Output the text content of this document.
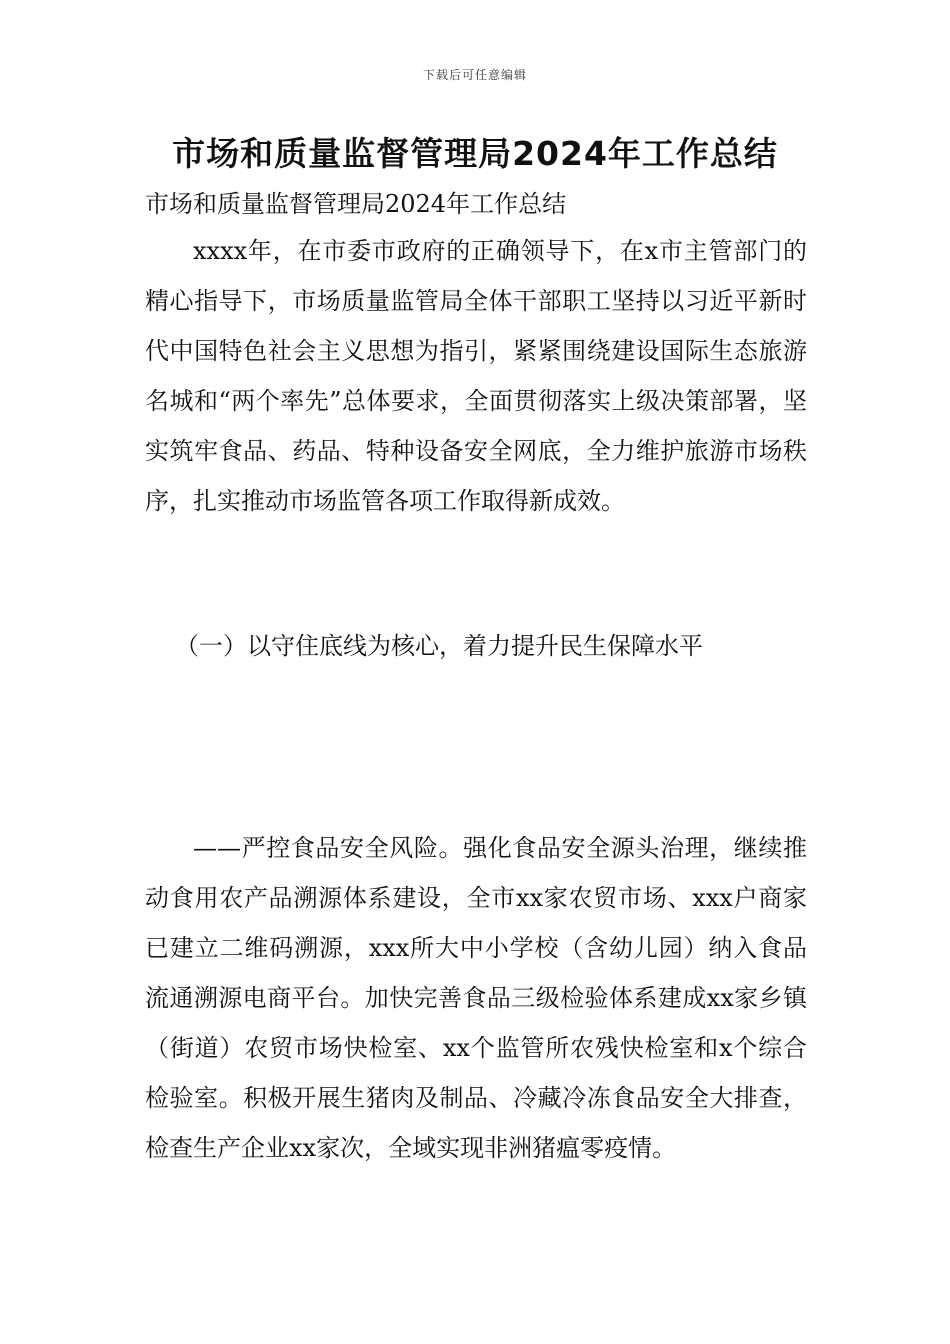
下载后可任意编辑
市场和质量监督管理局2024年工作总结
市场和质量监督管理局2024年工作总结

xxxx年，在市委市政府的正确领导下，在x市主管部门的精心指导下，市场质量监管局全体干部职工坚持以习近平新时代中国特色社会主义思想为指引，紧紧围绕建设国际生态旅游名城和“两个率先”总体要求，全面贯彻落实上级决策部署，坚实筑牢食品、药品、特种设备安全网底，全力维护旅游市场秩序，扎实推动市场监管各项工作取得新成效。

（一）以守住底线为核心，着力提升民生保障水平

——严控食品安全风险。强化食品安全源头治理，继续推动食用农产品溯源体系建设，全市xx家农贸市场、xxx户商家已建立二维码溯源，xxx所大中小学校（含幼儿园）纳入食品流通溯源电商平台。加快完善食品三级检验体系建成xx家乡镇（街道）农贸市场快检室、xx个监管所农残快检室和x个综合检验室。积极开展生猪肉及制品、冷藏冷冻食品安全大排查，检查生产企业xx家次，全域实现非洲猪瘟零疫情。
